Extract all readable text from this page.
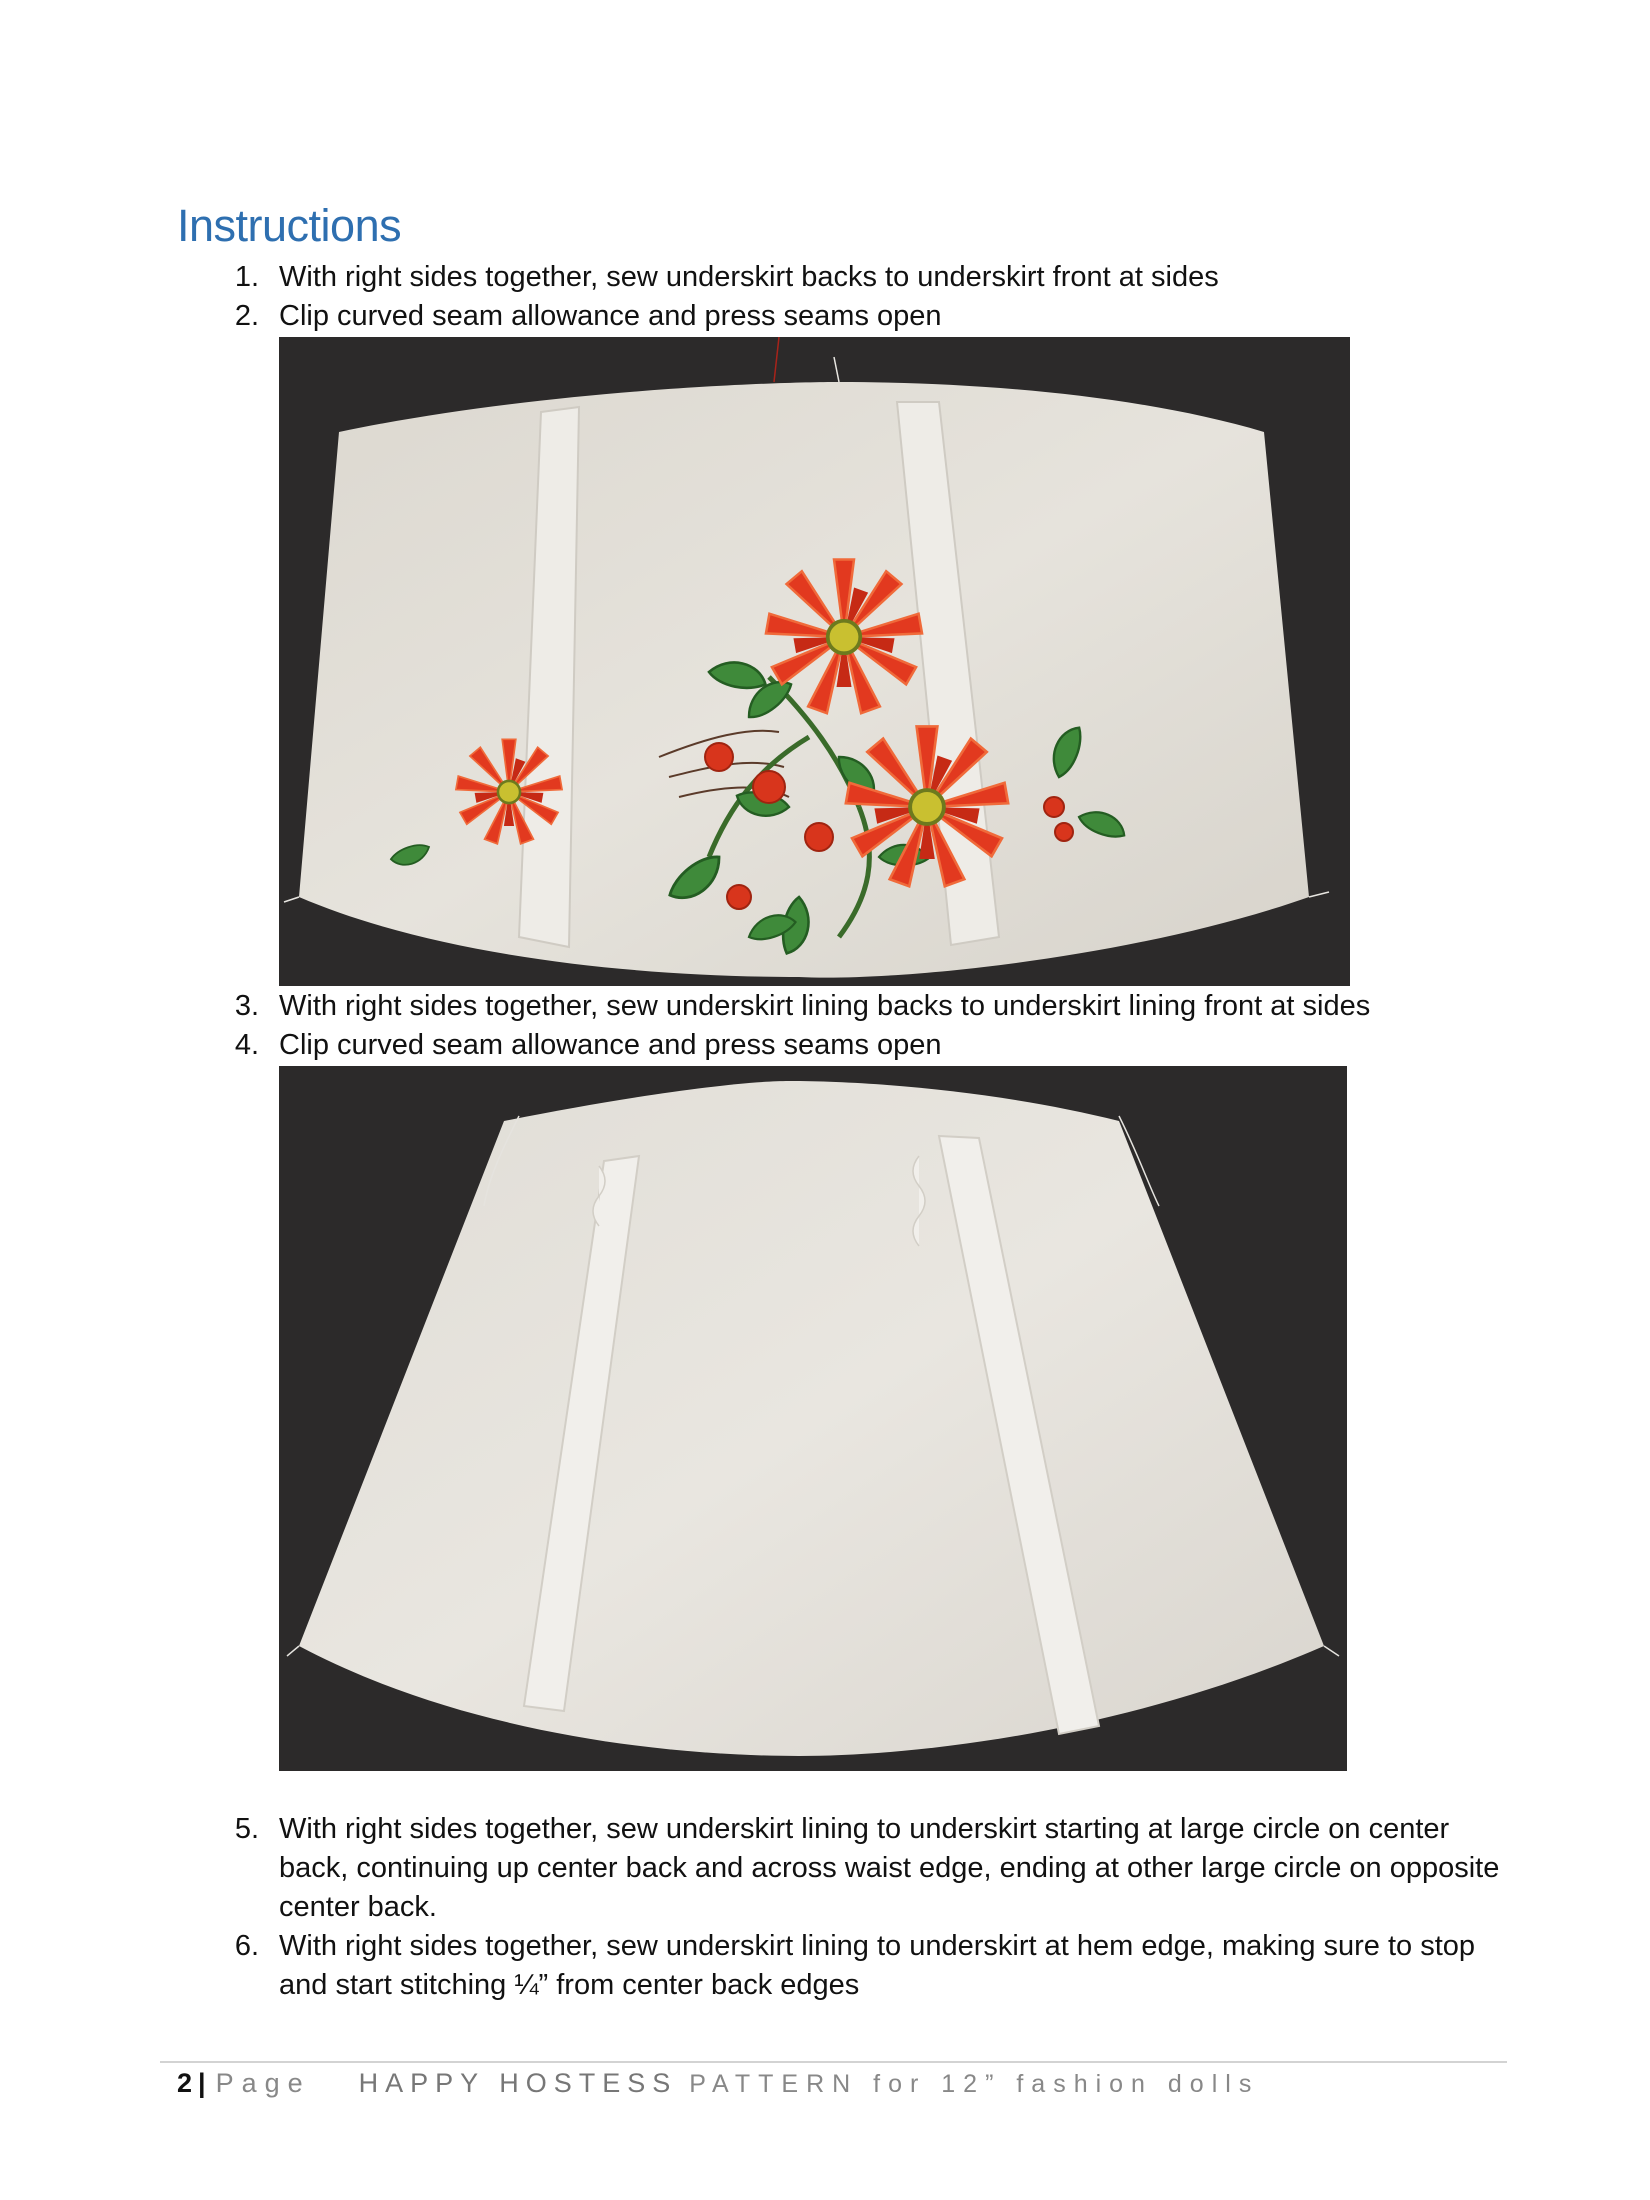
Instructions
1. With right sides together, sew underskirt backs to underskirt front at sides
2. Clip curved seam allowance and press seams open
3. With right sides together, sew underskirt lining backs to underskirt lining front at sides
4. Clip curved seam allowance and press seams open
5. With right sides together, sew underskirt lining to underskirt starting at large circle on center back, continuing up center back and across waist edge, ending at other large circle on opposite center back.
6. With right sides together, sew underskirt lining to underskirt at hem edge, making sure to stop and start stitching ¼” from center back edges
2 | Page HAPPY HOSTESS PATTERN for 12” fashion dolls
